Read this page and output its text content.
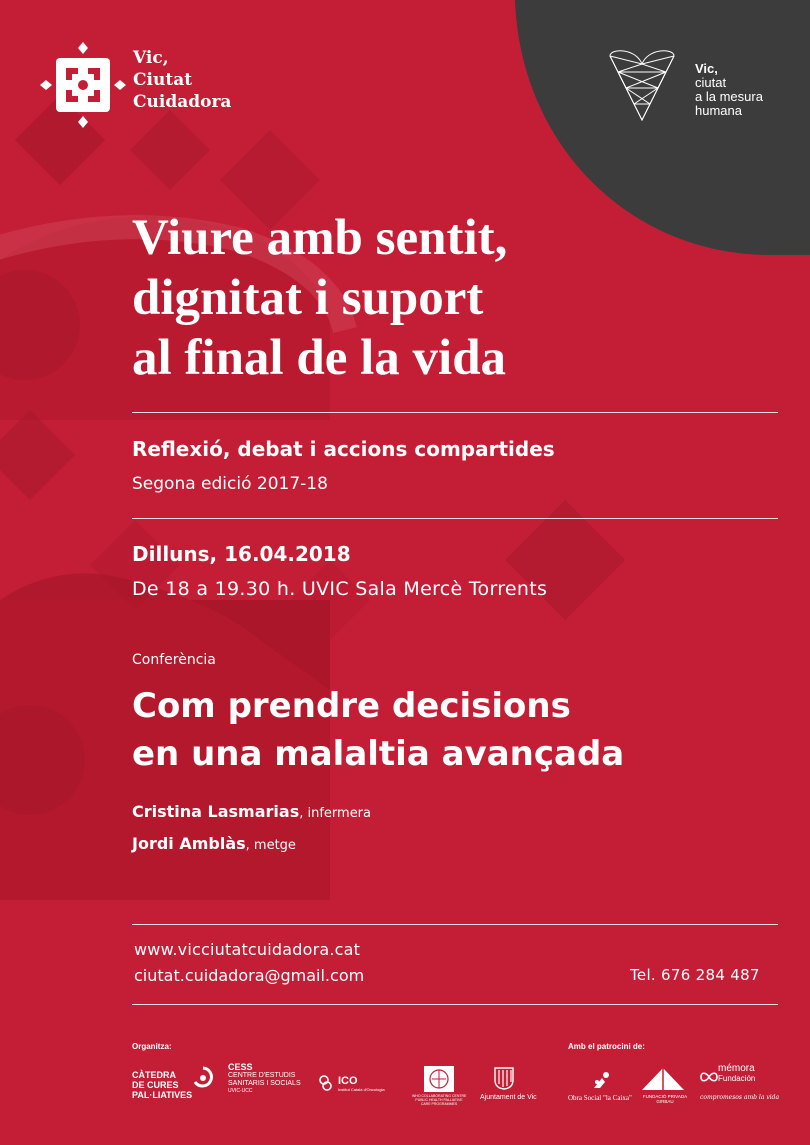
Vic,
Ciutat
Cuidadora
Vic,
ciutat
a la mesura
humana
Viure amb sentit,
dignitat i suport
al final de la vida
Reflexió, debat i accions compartides
Segona edició 2017-18
Dilluns, 16.04.2018
De 18 a 19.30 h. UVIC Sala Mercè Torrents
Conferència
Com prendre decisions
en una malaltia avançada
Cristina Lasmarias, infermera
Jordi Amblàs, metge
www.vicciutatcuidadora.cat
ciutat.cuidadora@gmail.com	Tel. 676 284 487
Organitza:	Amb el patrocini de:
CÀTEDRA
DE CURES
PAL·LIATIVES
CESS
CENTRE D'ESTUDIS
SANITARIS I SOCIALS
UVIC-UCC
ICO
Institut Català d'Oncologia
WHO COLLABORATING CENTRE
PUBLIC HEALTH PALLIATIVE
CARE PROGRAMMES
Ajuntament de Vic	Obra Social "la Caixa" FUNDACIÓ PRIVADA
GIRBAU
mémora
Fundación
compromesos amb la vida
